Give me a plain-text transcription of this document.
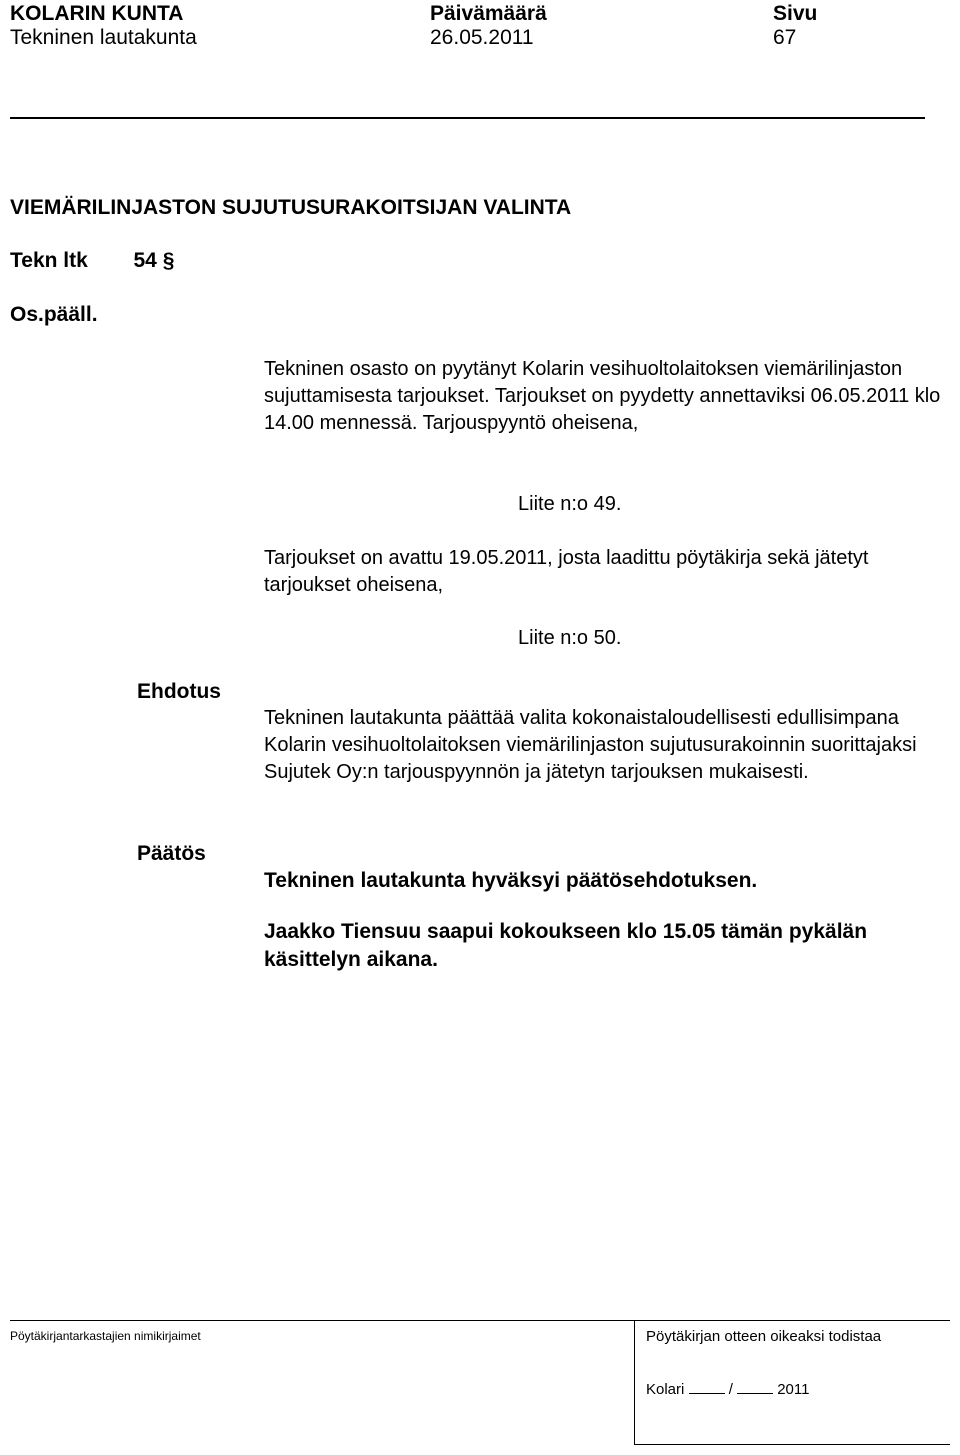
KOLARIN KUNTA
Tekninen lautakunta
Päivämäärä
26.05.2011
Sivu
67
VIEMÄRILINJASTON SUJUTUSURAKOITSIJAN VALINTA
Tekn ltk 54 §
Os.pääll.
Tekninen osasto on pyytänyt Kolarin vesihuoltolaitoksen viemärilinjaston sujuttamisesta tarjoukset. Tarjoukset on pyydetty annettaviksi 06.05.2011 klo 14.00 mennessä. Tarjouspyyntö oheisena,
Liite n:o 49.
Tarjoukset on avattu 19.05.2011, josta laadittu pöytäkirja sekä jätetyt tarjoukset oheisena,
Liite n:o 50.
Ehdotus
Tekninen lautakunta päättää valita kokonaistaloudellisesti edullisimpana Kolarin vesihuoltolaitoksen viemärilinjaston sujutusurakoinnin suorittajaksi Sujutek Oy:n tarjouspyynnön ja jätetyn tarjouksen mukaisesti.
Päätös
Tekninen lautakunta hyväksyi päätösehdotuksen.
Jaakko Tiensuu saapui kokoukseen klo 15.05 tämän pykälän käsittelyn aikana.
Pöytäkirjantarkastajien nimikirjaimet	Pöytäkirjan otteen oikeaksi todistaa
Kolari	/	2011
